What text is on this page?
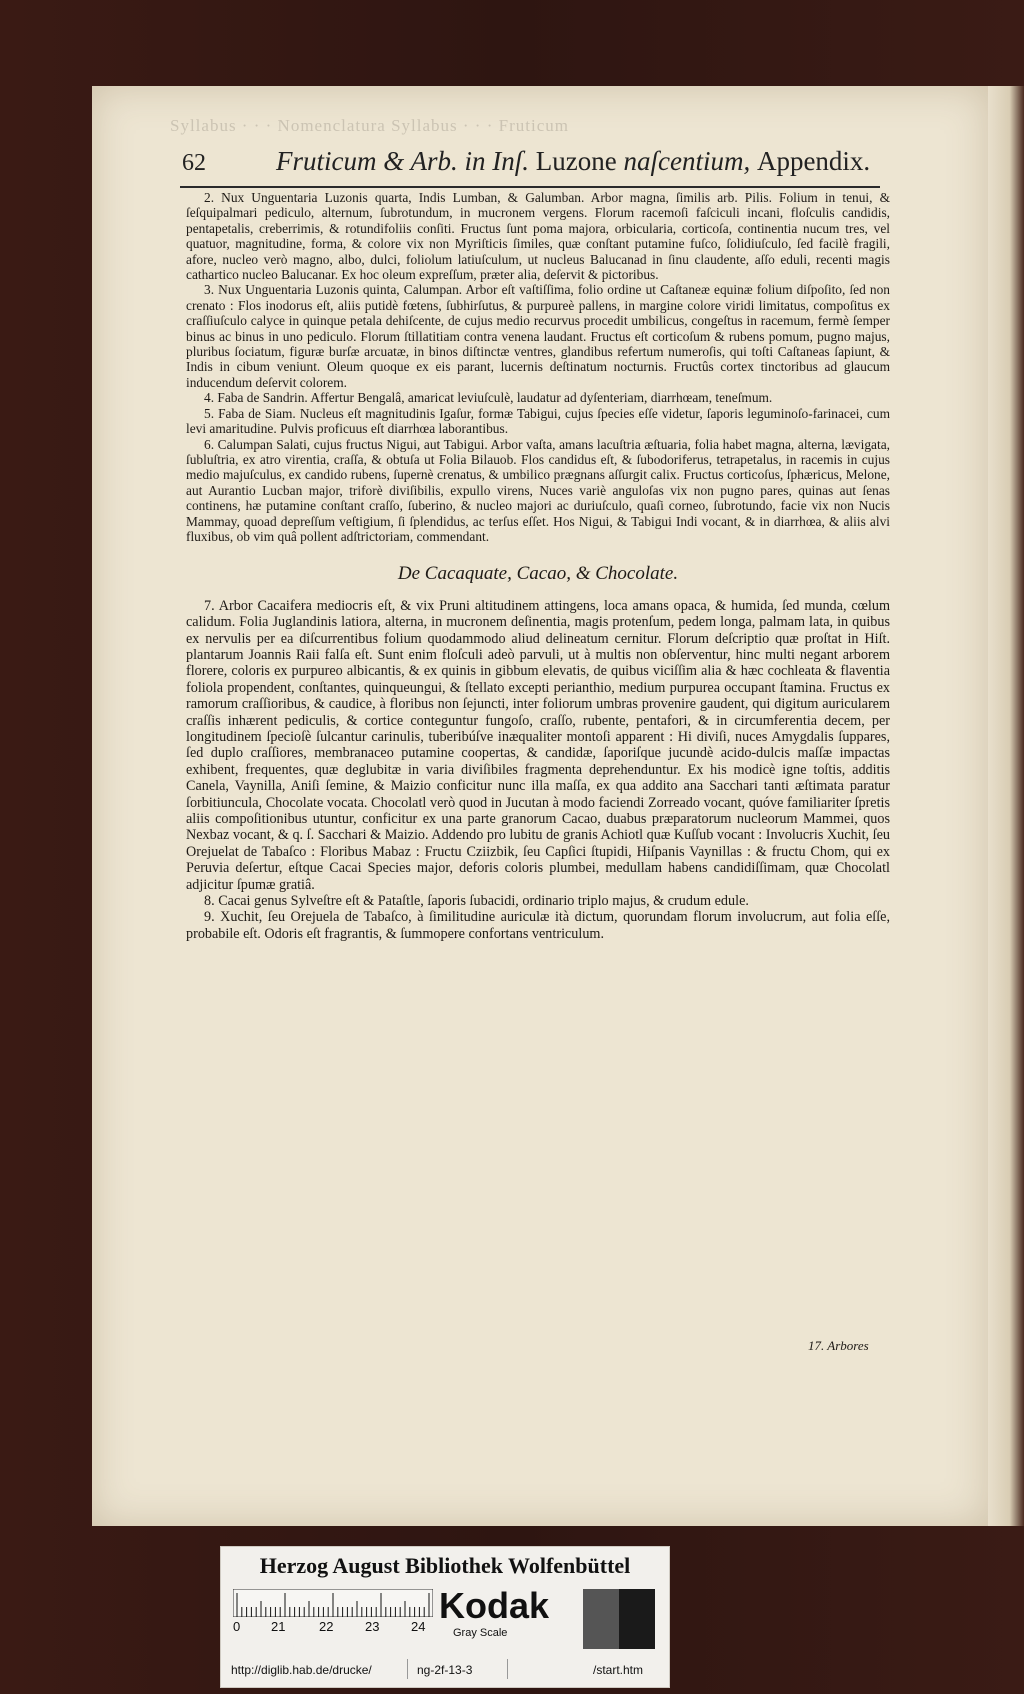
Syllabus · · · Nomenclatura Syllabus · · · Fruticum
62	Fruticum & Arb. in Inſ. Luzone naſcentium, Appendix.

2. Nux Unguentaria Luzonis quarta, Indis Lumban, & Galumban. Arbor magna, ſimilis arb. Pilis. Folium in tenui, & ſeſquipalmari pediculo, alternum, ſubrotundum, in mucronem vergens. Florum racemoſi faſciculi incani, floſculis candidis, pentapetalis, creberrimis, & rotundifoliis conſiti. Fructus ſunt poma majora, orbicularia, corticoſa, continentia nucum tres, vel quatuor, magnitudine, forma, & colore vix non Myriſticis ſimiles, quæ conſtant putamine fuſco, ſolidiuſculo, ſed facilè fragili, afore, nucleo verò magno, albo, dulci, foliolum latiuſculum, ut nucleus Balucanad in ſinu claudente, aſſo eduli, recenti magis cathartico nucleo Balucanar. Ex hoc oleum expreſſum, præter alia, deſervit & pictoribus.

3. Nux Unguentaria Luzonis quinta, Calumpan. Arbor eſt vaſtiſſima, folio ordine ut Caſtaneæ equinæ folium diſpoſito, ſed non crenato : Flos inodorus eſt, aliis putidè fœtens, ſubhirſutus, & purpureè pallens, in margine colore viridi limitatus, compoſitus ex craſſiuſculo calyce in quinque petala dehiſcente, de cujus medio recurvus procedit umbilicus, congeſtus in racemum, fermè ſemper binus ac binus in uno pediculo. Florum ſtillatitiam contra venena laudant. Fructus eſt corticoſum & rubens pomum, pugno majus, pluribus ſociatum, figuræ burſæ arcuatæ, in binos diſtinctæ ventres, glandibus refertum numeroſis, qui toſti Caſtaneas ſapiunt, & Indis in cibum veniunt. Oleum quoque ex eis parant, lucernis deſtinatum nocturnis. Fructûs cortex tinctoribus ad glaucum inducendum deſervit colorem.

4. Faba de Sandrin. Affertur Bengalâ, amaricat leviuſculè, laudatur ad dyſenteriam, diarrhœam, teneſmum.

5. Faba de Siam. Nucleus eſt magnitudinis Igaſur, formæ Tabigui, cujus ſpecies eſſe videtur, ſaporis leguminoſo-farinacei, cum levi amaritudine. Pulvis proficuus eſt diarrhœa laborantibus.

6. Calumpan Salati, cujus fructus Nigui, aut Tabigui. Arbor vaſta, amans lacuſtria æſtuaria, folia habet magna, alterna, lævigata, ſubluſtria, ex atro virentia, craſſa, & obtuſa ut Folia Bilauob. Flos candidus eſt, & ſubodoriferus, tetrapetalus, in racemis in cujus medio majuſculus, ex candido rubens, ſupernè crenatus, & umbilico prægnans aſſurgit calix. Fructus corticoſus, ſphæricus, Melone, aut Aurantio Lucban major, triforè diviſibilis, expullo virens, Nuces variè anguloſas vix non pugno pares, quinas aut ſenas continens, hæ putamine conſtant craſſo, ſuberino, & nucleo majori ac duriuſculo, quaſi corneo, ſubrotundo, facie vix non Nucis Mammay, quoad depreſſum veſtigium, ſi ſplendidus, ac terſus eſſet. Hos Nigui, & Tabigui Indi vocant, & in diarrhœa, & aliis alvi fluxibus, ob vim quâ pollent adſtrictoriam, commendant.

De Cacaquate, Cacao, & Chocolate.

7. Arbor Cacaifera mediocris eſt, & vix Pruni altitudinem attingens, loca amans opaca, & humida, ſed munda, cœlum calidum. Folia Juglandinis latiora, alterna, in mucronem deſinentia, magis protenſum, pedem longa, palmam lata, in quibus ex nervulis per ea diſcurrentibus folium quodammodo aliud delineatum cernitur. Florum deſcriptio quæ proſtat in Hiſt. plantarum Joannis Raii falſa eſt. Sunt enim floſculi adeò parvuli, ut à multis non obſerventur, hinc multi negant arborem florere, coloris ex purpureo albicantis, & ex quinis in gibbum elevatis, de quibus viciſſim alia & hæc cochleata & flaventia foliola propendent, conſtantes, quinqueungui, & ſtellato excepti perianthio, medium purpurea occupant ſtamina. Fructus ex ramorum craſſioribus, & caudice, à floribus non ſejuncti, inter foliorum umbras provenire gaudent, qui digitum auricularem craſſis inhærent pediculis, & cortice conteguntur fungoſo, craſſo, rubente, pentafori, & in circumferentia decem, per longitudinem ſpecioſè ſulcantur carinulis, tuberibúſve inæqualiter montoſi apparent : Hi diviſi, nuces Amygdalis ſuppares, ſed duplo craſſiores, membranaceo putamine coopertas, & candidæ, ſaporiſque jucundè acido-dulcis maſſæ impactas exhibent, frequentes, quæ deglubitæ in varia diviſibiles fragmenta deprehenduntur. Ex his modicè igne toſtis, additis Canela, Vaynilla, Aniſi ſemine, & Maizio conficitur nunc illa maſſa, ex qua addito ana Sacchari tanti æſtimata paratur ſorbitiuncula, Chocolate vocata. Chocolatl verò quod in Jucutan à modo faciendi Zorreado vocant, quóve familiariter ſpretis aliis compoſitionibus utuntur, conficitur ex una parte granorum Cacao, duabus præparatorum nucleorum Mammei, quos Nexbaz vocant, & q. ſ. Sacchari & Maizio. Addendo pro lubitu de granis Achiotl quæ Kuſſub vocant : Involucris Xuchit, ſeu Orejuelat de Tabaſco : Floribus Mabaz : Fructu Cziizbik, ſeu Capſici ſtupidi, Hiſpanis Vaynillas : & fructu Chom, qui ex Peruvia deſertur, eſtque Cacai Species major, deforis coloris plumbei, medullam habens candidiſſimam, quæ Chocolatl adjicitur ſpumæ gratiâ.

8. Cacai genus Sylveſtre eſt & Pataſtle, ſaporis ſubacidi, ordinario triplo majus, & crudum edule.

9. Xuchit, ſeu Orejuela de Tabaſco, à ſimilitudine auriculæ ità dictum, quorundam florum involucrum, aut folia eſſe, probabile eſt. Odoris eſt fragrantis, & ſummopere confortans ventriculum.

17. Arbores
Herzog August Bibliothek Wolfenbüttel
0 21	22 23 24
Kodak
Gray Scale
http://diglib.hab.de/drucke/	ng-2f-13-3	/start.htm
